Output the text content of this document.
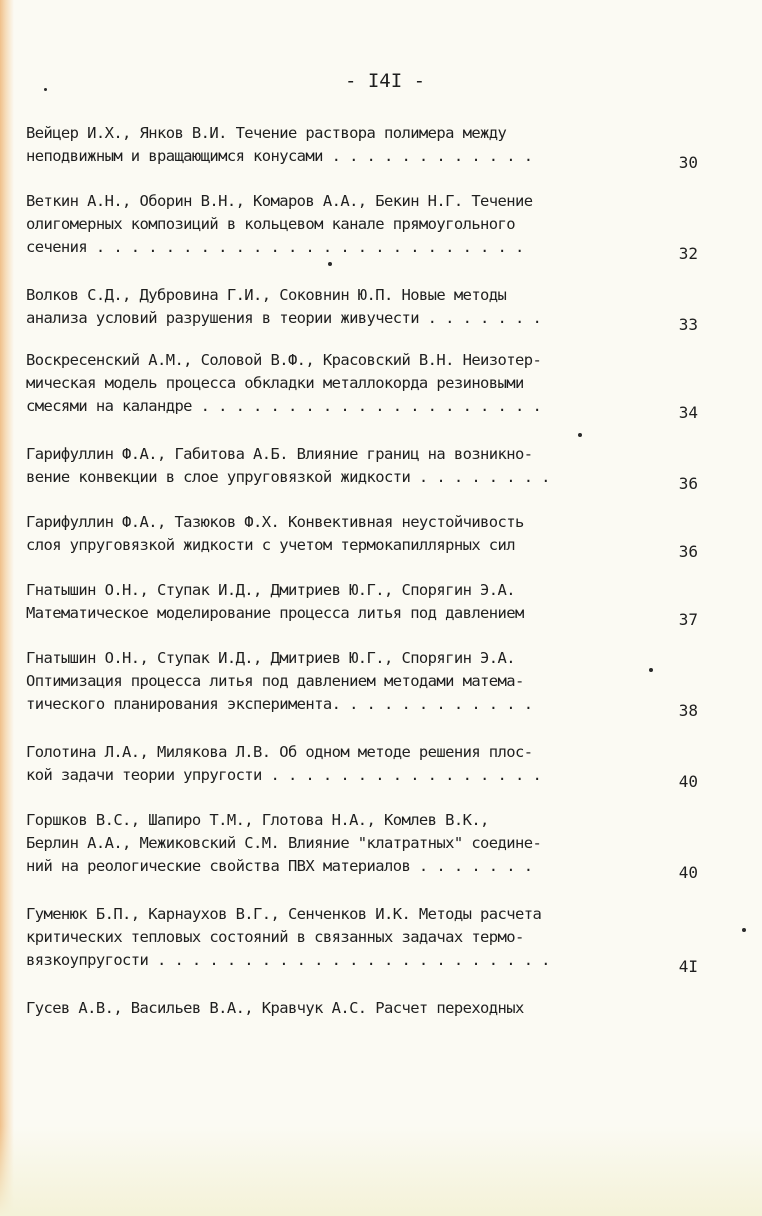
- I4I -
Вейцер И.Х., Янков В.И. Течение раствора полимера между
неподвижным и вращающимся конусами . . . . . . . . . . . .	30
Веткин А.Н., Оборин В.Н., Комаров А.А., Бекин Н.Г. Течение
олигомерных композиций в кольцевом канале прямоугольного
сечения . . . . . . . . . . . . . . . . . . . . . . . . .	32
Волков С.Д., Дубровина Г.И., Соковнин Ю.П. Новые методы
анализа условий разрушения в теории живучести . . . . . . .	33
Воскресенский А.М., Соловой В.Ф., Красовский В.Н. Неизотер-
мическая модель процесса обкладки металлокорда резиновыми
смесями на каландре . . . . . . . . . . . . . . . . . . . .	34
Гарифуллин Ф.А., Габитова А.Б. Влияние границ на возникно-
вение конвекции в слое упруговязкой жидкости . . . . . . . .	36
Гарифуллин Ф.А., Тазюков Ф.Х. Конвективная неустойчивость
слоя упруговязкой жидкости с учетом термокапиллярных сил	36
Гнатышин О.Н., Ступак И.Д., Дмитриев Ю.Г., Спорягин Э.А.
Математическое моделирование процесса литья под давлением	37
Гнатышин О.Н., Ступак И.Д., Дмитриев Ю.Г., Спорягин Э.А.
Оптимизация процесса литья под давлением методами матема-
тического планирования эксперимента. . . . . . . . . . . .	38
Голотина Л.А., Милякова Л.В. Об одном методе решения плос-
кой задачи теории упругости . . . . . . . . . . . . . . . .	40
Горшков В.С., Шапиро Т.М., Глотова Н.А., Комлев В.К.,
Берлин А.А., Межиковский С.М. Влияние "клатратных" соедине-
ний на реологические свойства ПВХ материалов . . . . . . .	40
Гуменюк Б.П., Карнаухов В.Г., Сенченков И.К. Методы расчета
критических тепловых состояний в связанных задачах термо-
вязкоупругости . . . . . . . . . . . . . . . . . . . . . . .	4I
Гусев А.В., Васильев В.А., Кравчук А.С. Расчет переходных
